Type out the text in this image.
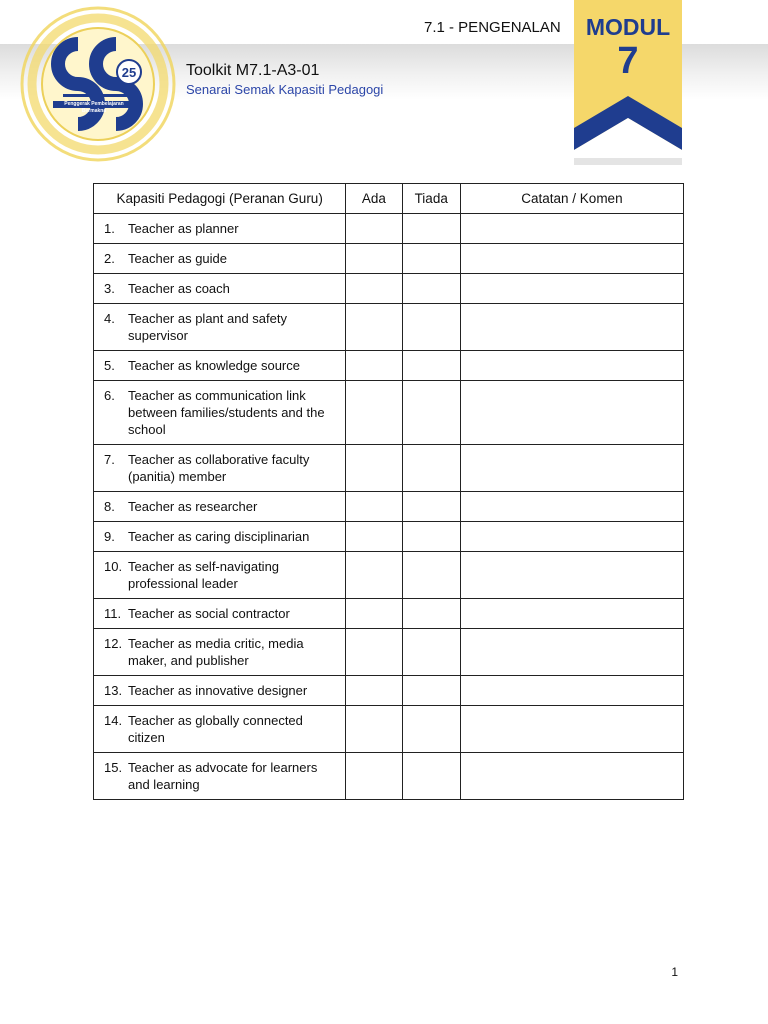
25
Penggerak Pembelajaran Bermakna
7.1 - PENGENALAN
Toolkit M7.1-A3-01
Senarai Semak Kapasiti Pedagogi
MODUL
7
Kapasiti Pedagogi (Peranan Guru)	Ada	Tiada	Catatan / Komen

1. Teacher as planner			

2. Teacher as guide			

3. Teacher as coach			

4. Teacher as plant and safety supervisor			

5. Teacher as knowledge source			

6. Teacher as communication link between families/students and the school			

7. Teacher as collaborative faculty (panitia) member			

8. Teacher as researcher			

9. Teacher as caring disciplinarian			

10. Teacher as self-navigating professional leader			

11. Teacher as social contractor			

12. Teacher as media critic, media maker, and publisher			

13. Teacher as innovative designer			

14. Teacher as globally connected citizen			

15. Teacher as advocate for learners and learning			

1
